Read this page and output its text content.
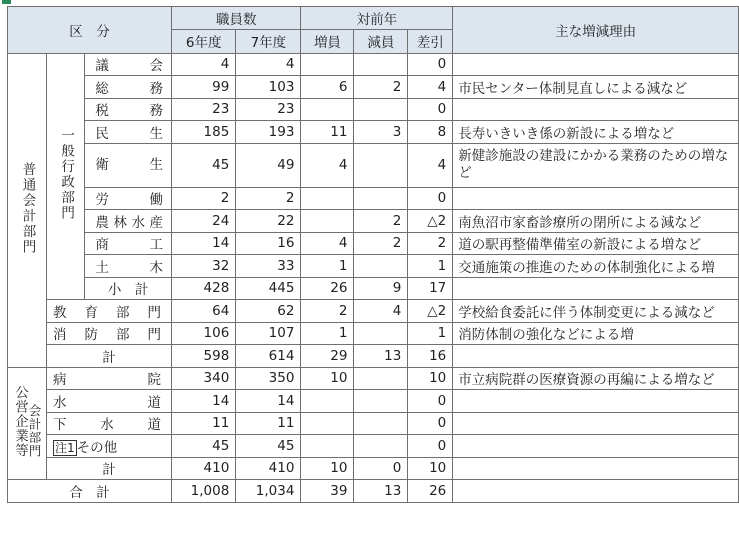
区　分			職員数		対前年			主な増減理由
			6年度	7年度	増員	減員	差引	
普通会計部門	一般行政部門	議　　会	4	4			0	
		総　　務	99	103	6	2	4	市民センター体制見直しによる減など
		税　　務	23	23			0	
		民　　生	185	193	11	3	8	長寿いきいき係の新設による増など
		衛　　生	45	49	4		4	新健診施設の建設にかかる業務のための増など
		労　　働	2	2			0	
		農林水産	24	22		2	△2	南魚沼市家畜診療所の閉所による減など
		商　　工	14	16	4	2	2	道の駅再整備準備室の新設による増など
		土　　木	32	33	1		1	交通施策の推進のための体制強化による増
		小　計	428	445	26	9	17	
	教　育　部　門		64	62	2	4	△2	学校給食委託に伴う体制変更による減など
	消　防　部　門		106	107	1		1	消防体制の強化などによる増
	計		598	614	29	13	16	
公営企業等会計部門	病　　　　　　院		340	350	10		10	市立病院群の医療資源の再編による増など
	水　　　　　　道		14	14			0	
	下　　水　　道		11	11			0	
	注1 その他		45	45			0	
	計		410	410	10	0	10	
合　計			1,008	1,034	39	13	26	
